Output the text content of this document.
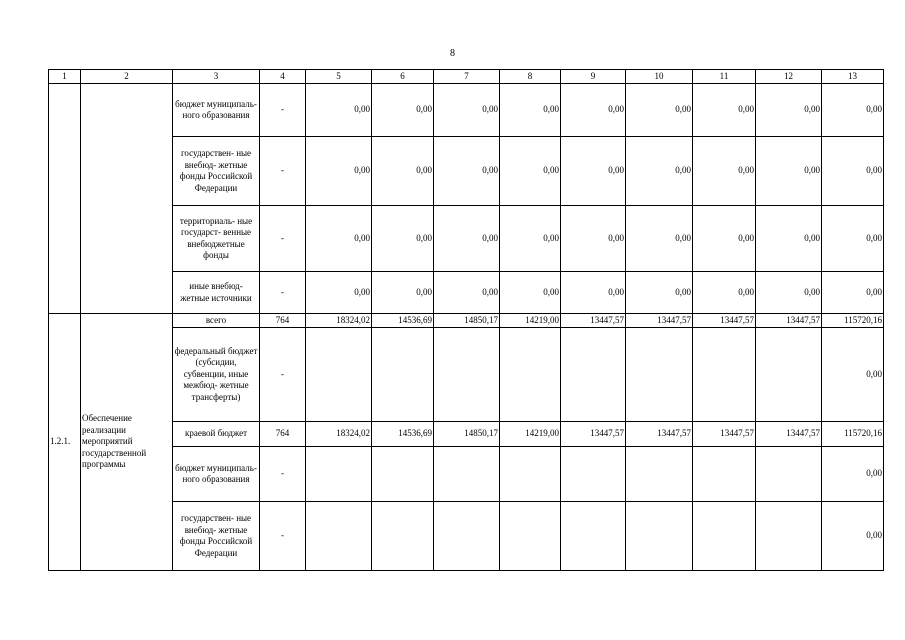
8
1	2	3	4	5	6	7	8	9	10	11	12	13
		бюджет муниципаль- ного образования	-	0,00	0,00	0,00	0,00	0,00	0,00	0,00	0,00	0,00
		государствен- ные внебюд- жетные фонды Российской Федерации	-	0,00	0,00	0,00	0,00	0,00	0,00	0,00	0,00	0,00
		территориаль- ные государст- венные внебюджетные фонды	-	0,00	0,00	0,00	0,00	0,00	0,00	0,00	0,00	0,00
		иные внебюд- жетные источники	-	0,00	0,00	0,00	0,00	0,00	0,00	0,00	0,00	0,00
1.2.1.	Обеспечение реализации мероприятий государственной программы	всего	764	18324,02	14536,69	14850,17	14219,00	13447,57	13447,57	13447,57	13447,57	115720,16
		федеральный бюджет (субсидии, субвенции, иные межбюд- жетные трансферты)	-									0,00
		краевой бюджет	764	18324,02	14536,69	14850,17	14219,00	13447,57	13447,57	13447,57	13447,57	115720,16
		бюджет муниципаль- ного образования	-									0,00
		государствен- ные внебюд- жетные фонды Российской Федерации	-									0,00
